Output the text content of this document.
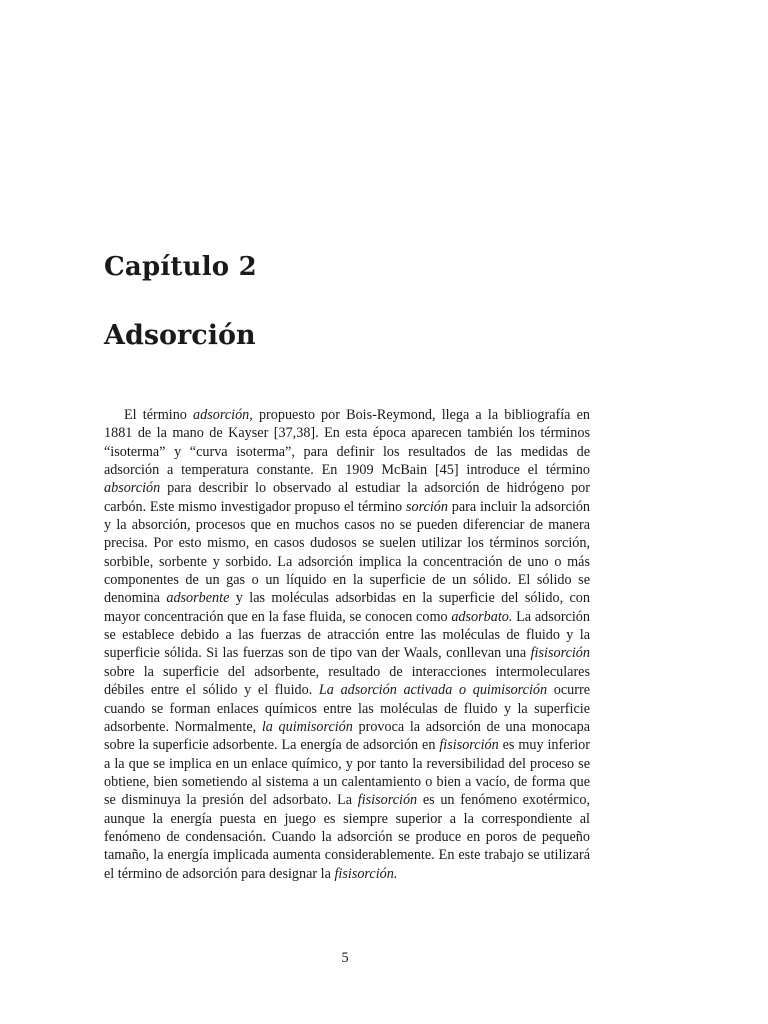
Capítulo 2
Adsorción

El término adsorción, propuesto por Bois-Reymond, llega a la bibliografía en 1881 de la mano de Kayser [37,38]. En esta época aparecen también los términos “isoterma” y “curva isoterma”, para definir los resultados de las medidas de adsorción a temperatura constante. En 1909 McBain [45] introduce el término absorción para describir lo observado al estudiar la adsorción de hidrógeno por carbón. Este mismo investigador propuso el término sorción para incluir la adsorción y la absorción, procesos que en muchos casos no se pueden diferenciar de manera precisa. Por esto mismo, en casos dudosos se suelen utilizar los términos sorción, sorbible, sorbente y sorbido. La adsorción implica la concentración de uno o más componentes de un gas o un líquido en la superficie de un sólido. El sólido se denomina adsorbente y las moléculas adsorbidas en la superficie del sólido, con mayor concentración que en la fase fluida, se conocen como adsorbato. La adsorción se establece debido a las fuerzas de atracción entre las moléculas de fluido y la superficie sólida. Si las fuerzas son de tipo van der Waals, conllevan una fisisorción sobre la superficie del adsorbente, resultado de interacciones intermoleculares débiles entre el sólido y el fluido. La adsorción activada o quimisorción ocurre cuando se forman enlaces químicos entre las moléculas de fluido y la superficie adsorbente. Normalmente, la quimisorción provoca la adsorción de una monocapa sobre la superficie adsorbente. La energía de adsorción en fisisorción es muy inferior a la que se implica en un enlace químico, y por tanto la reversibilidad del proceso se obtiene, bien sometiendo al sistema a un calentamiento o bien a vacío, de forma que se disminuya la presión del adsorbato. La fisisorción es un fenómeno exotérmico, aunque la energía puesta en juego es siempre superior a la correspondiente al fenómeno de condensación. Cuando la adsorción se produce en poros de pequeño tamaño, la energía implicada aumenta considerablemente. En este trabajo se utilizará el término de adsorción para designar la fisisorción.

5
